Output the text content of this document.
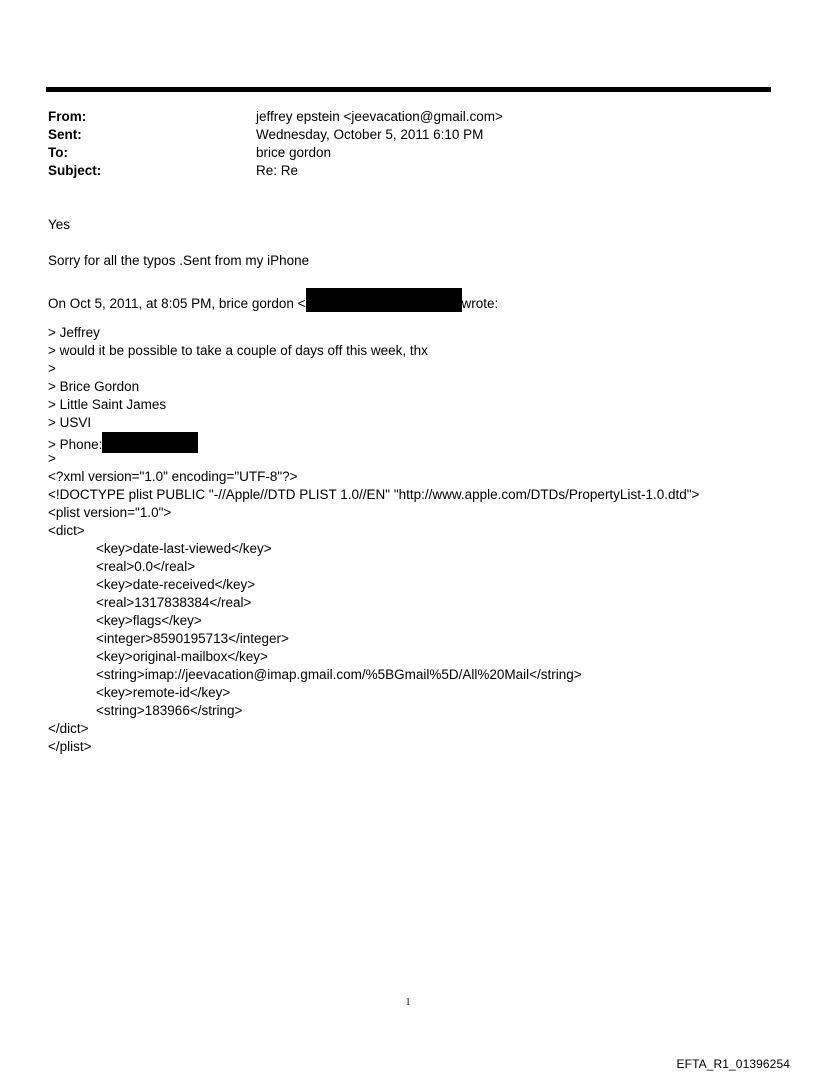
From:	jeffrey epstein <jeevacation@gmail.com>
Sent:	Wednesday, October 5, 2011 6:10 PM
To:	brice gordon
Subject:	Re: Re
Yes
Sorry for all the typos .Sent from my iPhone
On Oct 5, 2011, at 8:05 PM, brice gordon <	wrote:
> Jeffrey
> would it be possible to take a couple of days off this week, thx
>
> Brice Gordon
> Little Saint James
> USVI
> Phone:
>
<?xml version="1.0" encoding="UTF-8"?>
<!DOCTYPE plist PUBLIC "-//Apple//DTD PLIST 1.0//EN" "http://www.apple.com/DTDs/PropertyList-1.0.dtd">
<plist version="1.0">
<dict>
<key>date-last-viewed</key>
<real>0.0</real>
<key>date-received</key>
<real>1317838384</real>
<key>flags</key>
<integer>8590195713</integer>
<key>original-mailbox</key>
<string>imap://jeevacation@imap.gmail.com/%5BGmail%5D/All%20Mail</string>
<key>remote-id</key>
<string>183966</string>
</dict>
</plist>
1
EFTA_R1_01396254
